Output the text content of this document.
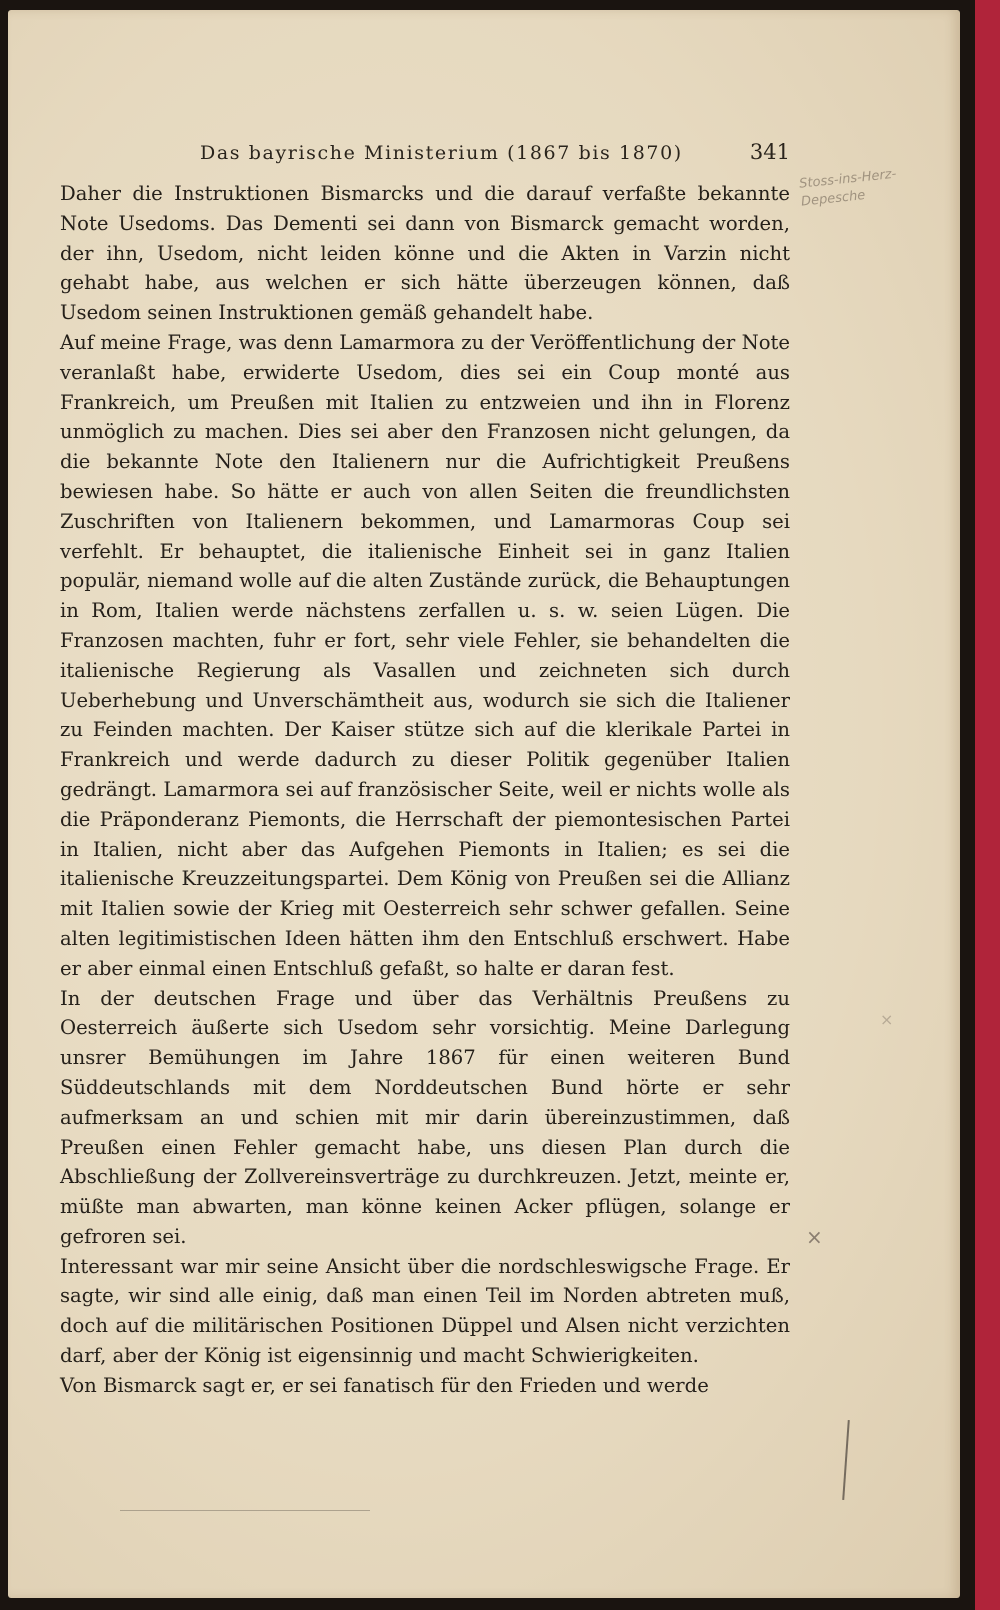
Das bayrische Ministerium (1867 bis 1870)	341
Stoss-ins-Herz-Depesche

Daher die Instruktionen Bismarcks und die darauf verfaßte bekannte Note Usedoms. Das Dementi sei dann von Bismarck gemacht worden, der ihn, Usedom, nicht leiden könne und die Akten in Varzin nicht gehabt habe, aus welchen er sich hätte überzeugen können, daß Usedom seinen Instruktionen gemäß gehandelt habe.

Auf meine Frage, was denn Lamarmora zu der Veröffentlichung der Note veranlaßt habe, erwiderte Usedom, dies sei ein Coup monté aus Frankreich, um Preußen mit Italien zu entzweien und ihn in Florenz unmöglich zu machen. Dies sei aber den Franzosen nicht gelungen, da die bekannte Note den Italienern nur die Aufrichtigkeit Preußens bewiesen habe. So hätte er auch von allen Seiten die freundlichsten Zuschriften von Italienern bekommen, und Lamarmoras Coup sei verfehlt. Er behauptet, die italienische Einheit sei in ganz Italien populär, niemand wolle auf die alten Zustände zurück, die Behauptungen in Rom, Italien werde nächstens zerfallen u. s. w. seien Lügen. Die Franzosen machten, fuhr er fort, sehr viele Fehler, sie behandelten die italienische Regierung als Vasallen und zeichneten sich durch Ueberhebung und Unverschämtheit aus, wodurch sie sich die Italiener zu Feinden machten. Der Kaiser stütze sich auf die klerikale Partei in Frankreich und werde dadurch zu dieser Politik gegenüber Italien gedrängt. Lamarmora sei auf französischer Seite, weil er nichts wolle als die Präponderanz Piemonts, die Herrschaft der piemontesischen Partei in Italien, nicht aber das Aufgehen Piemonts in Italien; es sei die italienische Kreuzzeitungspartei. Dem König von Preußen sei die Allianz mit Italien sowie der Krieg mit Oesterreich sehr schwer gefallen. Seine alten legitimistischen Ideen hätten ihm den Entschluß erschwert. Habe er aber einmal einen Entschluß gefaßt, so halte er daran fest.

In der deutschen Frage und über das Verhältnis Preußens zu Oesterreich äußerte sich Usedom sehr vorsichtig. Meine Darlegung unsrer Bemühungen im Jahre 1867 für einen weiteren Bund Süddeutschlands mit dem Norddeutschen Bund hörte er sehr aufmerksam an und schien mit mir darin übereinzustimmen, daß Preußen einen Fehler gemacht habe, uns diesen Plan durch die Abschließung der Zollvereinsverträge zu durchkreuzen. Jetzt, meinte er, müßte man abwarten, man könne keinen Acker pflügen, solange er gefroren sei.

Interessant war mir seine Ansicht über die nordschleswigsche Frage. Er sagte, wir sind alle einig, daß man einen Teil im Norden abtreten muß, doch auf die militärischen Positionen Düppel und Alsen nicht verzichten darf, aber der König ist eigensinnig und macht Schwierigkeiten.

Von Bismarck sagt er, er sei fanatisch für den Frieden und werde

×
×
